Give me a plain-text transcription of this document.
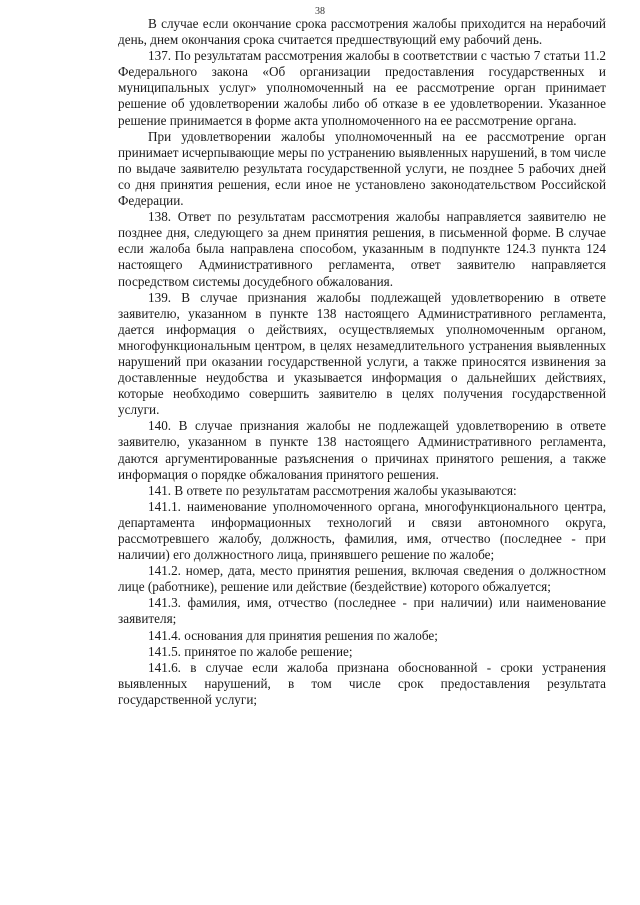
38

В случае если окончание срока рассмотрения жалобы приходится на нерабочий день, днем окончания срока считается предшествующий ему рабочий день.

137. По результатам рассмотрения жалобы в соответствии с частью 7 статьи 11.2 Федерального закона «Об организации предоставления государственных и муниципальных услуг» уполномоченный на ее рассмотрение орган принимает решение об удовлетворении жалобы либо об отказе в ее удовлетворении. Указанное решение принимается в форме акта уполномоченного на ее рассмотрение органа.

При удовлетворении жалобы уполномоченный на ее рассмотрение орган принимает исчерпывающие меры по устранению выявленных нарушений, в том числе по выдаче заявителю результата государственной услуги, не позднее 5 рабочих дней со дня принятия решения, если иное не установлено законодательством Российской Федерации.

138. Ответ по результатам рассмотрения жалобы направляется заявителю не позднее дня, следующего за днем принятия решения, в письменной форме. В случае если жалоба была направлена способом, указанным в подпункте 124.3 пункта 124 настоящего Административного регламента, ответ заявителю направляется посредством системы досудебного обжалования.

139. В случае признания жалобы подлежащей удовлетворению в ответе заявителю, указанном в пункте 138 настоящего Административного регламента, дается информация о действиях, осуществляемых уполномоченным органом, многофункциональным центром, в целях незамедлительного устранения выявленных нарушений при оказании государственной услуги, а также приносятся извинения за доставленные неудобства и указывается информация о дальнейших действиях, которые необходимо совершить заявителю в целях получения государственной услуги.

140. В случае признания жалобы не подлежащей удовлетворению в ответе заявителю, указанном в пункте 138 настоящего Административного регламента, даются аргументированные разъяснения о причинах принятого решения, а также информация о порядке обжалования принятого решения.

141. В ответе по результатам рассмотрения жалобы указываются:

141.1. наименование уполномоченного органа, многофункционального центра, департамента информационных технологий и связи автономного округа, рассмотревшего жалобу, должность, фамилия, имя, отчество (последнее - при наличии) его должностного лица, принявшего решение по жалобе;

141.2. номер, дата, место принятия решения, включая сведения о должностном лице (работнике), решение или действие (бездействие) которого обжалуется;

141.3. фамилия, имя, отчество (последнее - при наличии) или наименование заявителя;

141.4. основания для принятия решения по жалобе;

141.5. принятое по жалобе решение;

141.6. в случае если жалоба признана обоснованной - сроки устранения выявленных нарушений, в том числе срок предоставления результата государственной услуги;
